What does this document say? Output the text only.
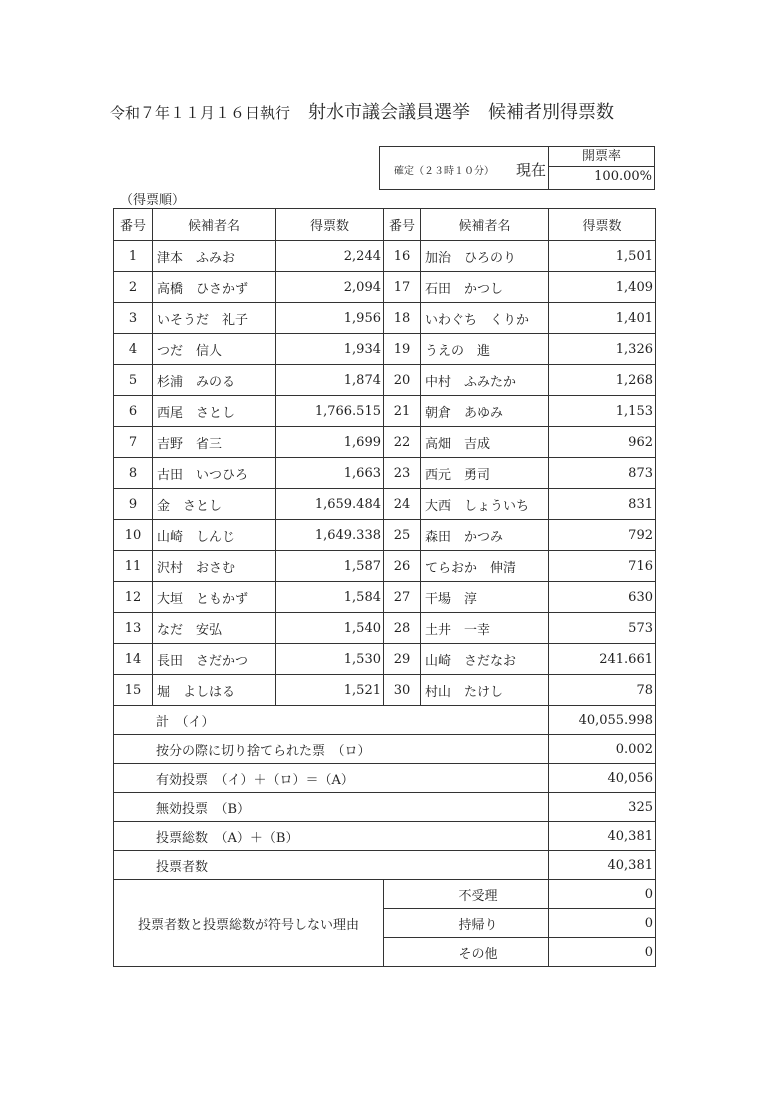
令和７年１１月１６日執行 射水市議会議員選挙 候補者別得票数
確定（２３時１０分） 現在
開票率
100.00%
（得票順）
番号	候補者名	得票数	番号	候補者名	得票数
1	津本　ふみお	2,244	16	加治　ひろのり	1,501
2	高橋　ひさかず	2,094	17	石田　かつし	1,409
3	いそうだ　礼子	1,956	18	いわぐち　くりか	1,401
4	つだ　信人	1,934	19	うえの　進	1,326
5	杉浦　みのる	1,874	20	中村　ふみたか	1,268
6	西尾　さとし	1,766.515	21	朝倉　あゆみ	1,153
7	吉野　省三	1,699	22	高畑　吉成	962
8	古田　いつひろ	1,663	23	西元　勇司	873
9	金　さとし	1,659.484	24	大西　しょういち	831
10	山崎　しんじ	1,649.338	25	森田　かつみ	792
11	沢村　おさむ	1,587	26	てらおか　伸清	716
12	大垣　ともかず	1,584	27	干場　淳	630
13	なだ　安弘	1,540	28	土井　一幸	573
14	長田　さだかつ	1,530	29	山崎　さだなお	241.661
15	堀　よしはる	1,521	30	村山　たけし	78
計　（イ）					40,055.998
按分の際に切り捨てられた票　（ロ）					0.002
有効投票　（イ）＋（ロ）＝（A）					40,056
無効投票　（B）					325
投票総数　（A）＋（B）					40,381
投票者数					40,381
投票者数と投票総数が符号しない理由			不受理		0
			持帰り		0
			その他		0
